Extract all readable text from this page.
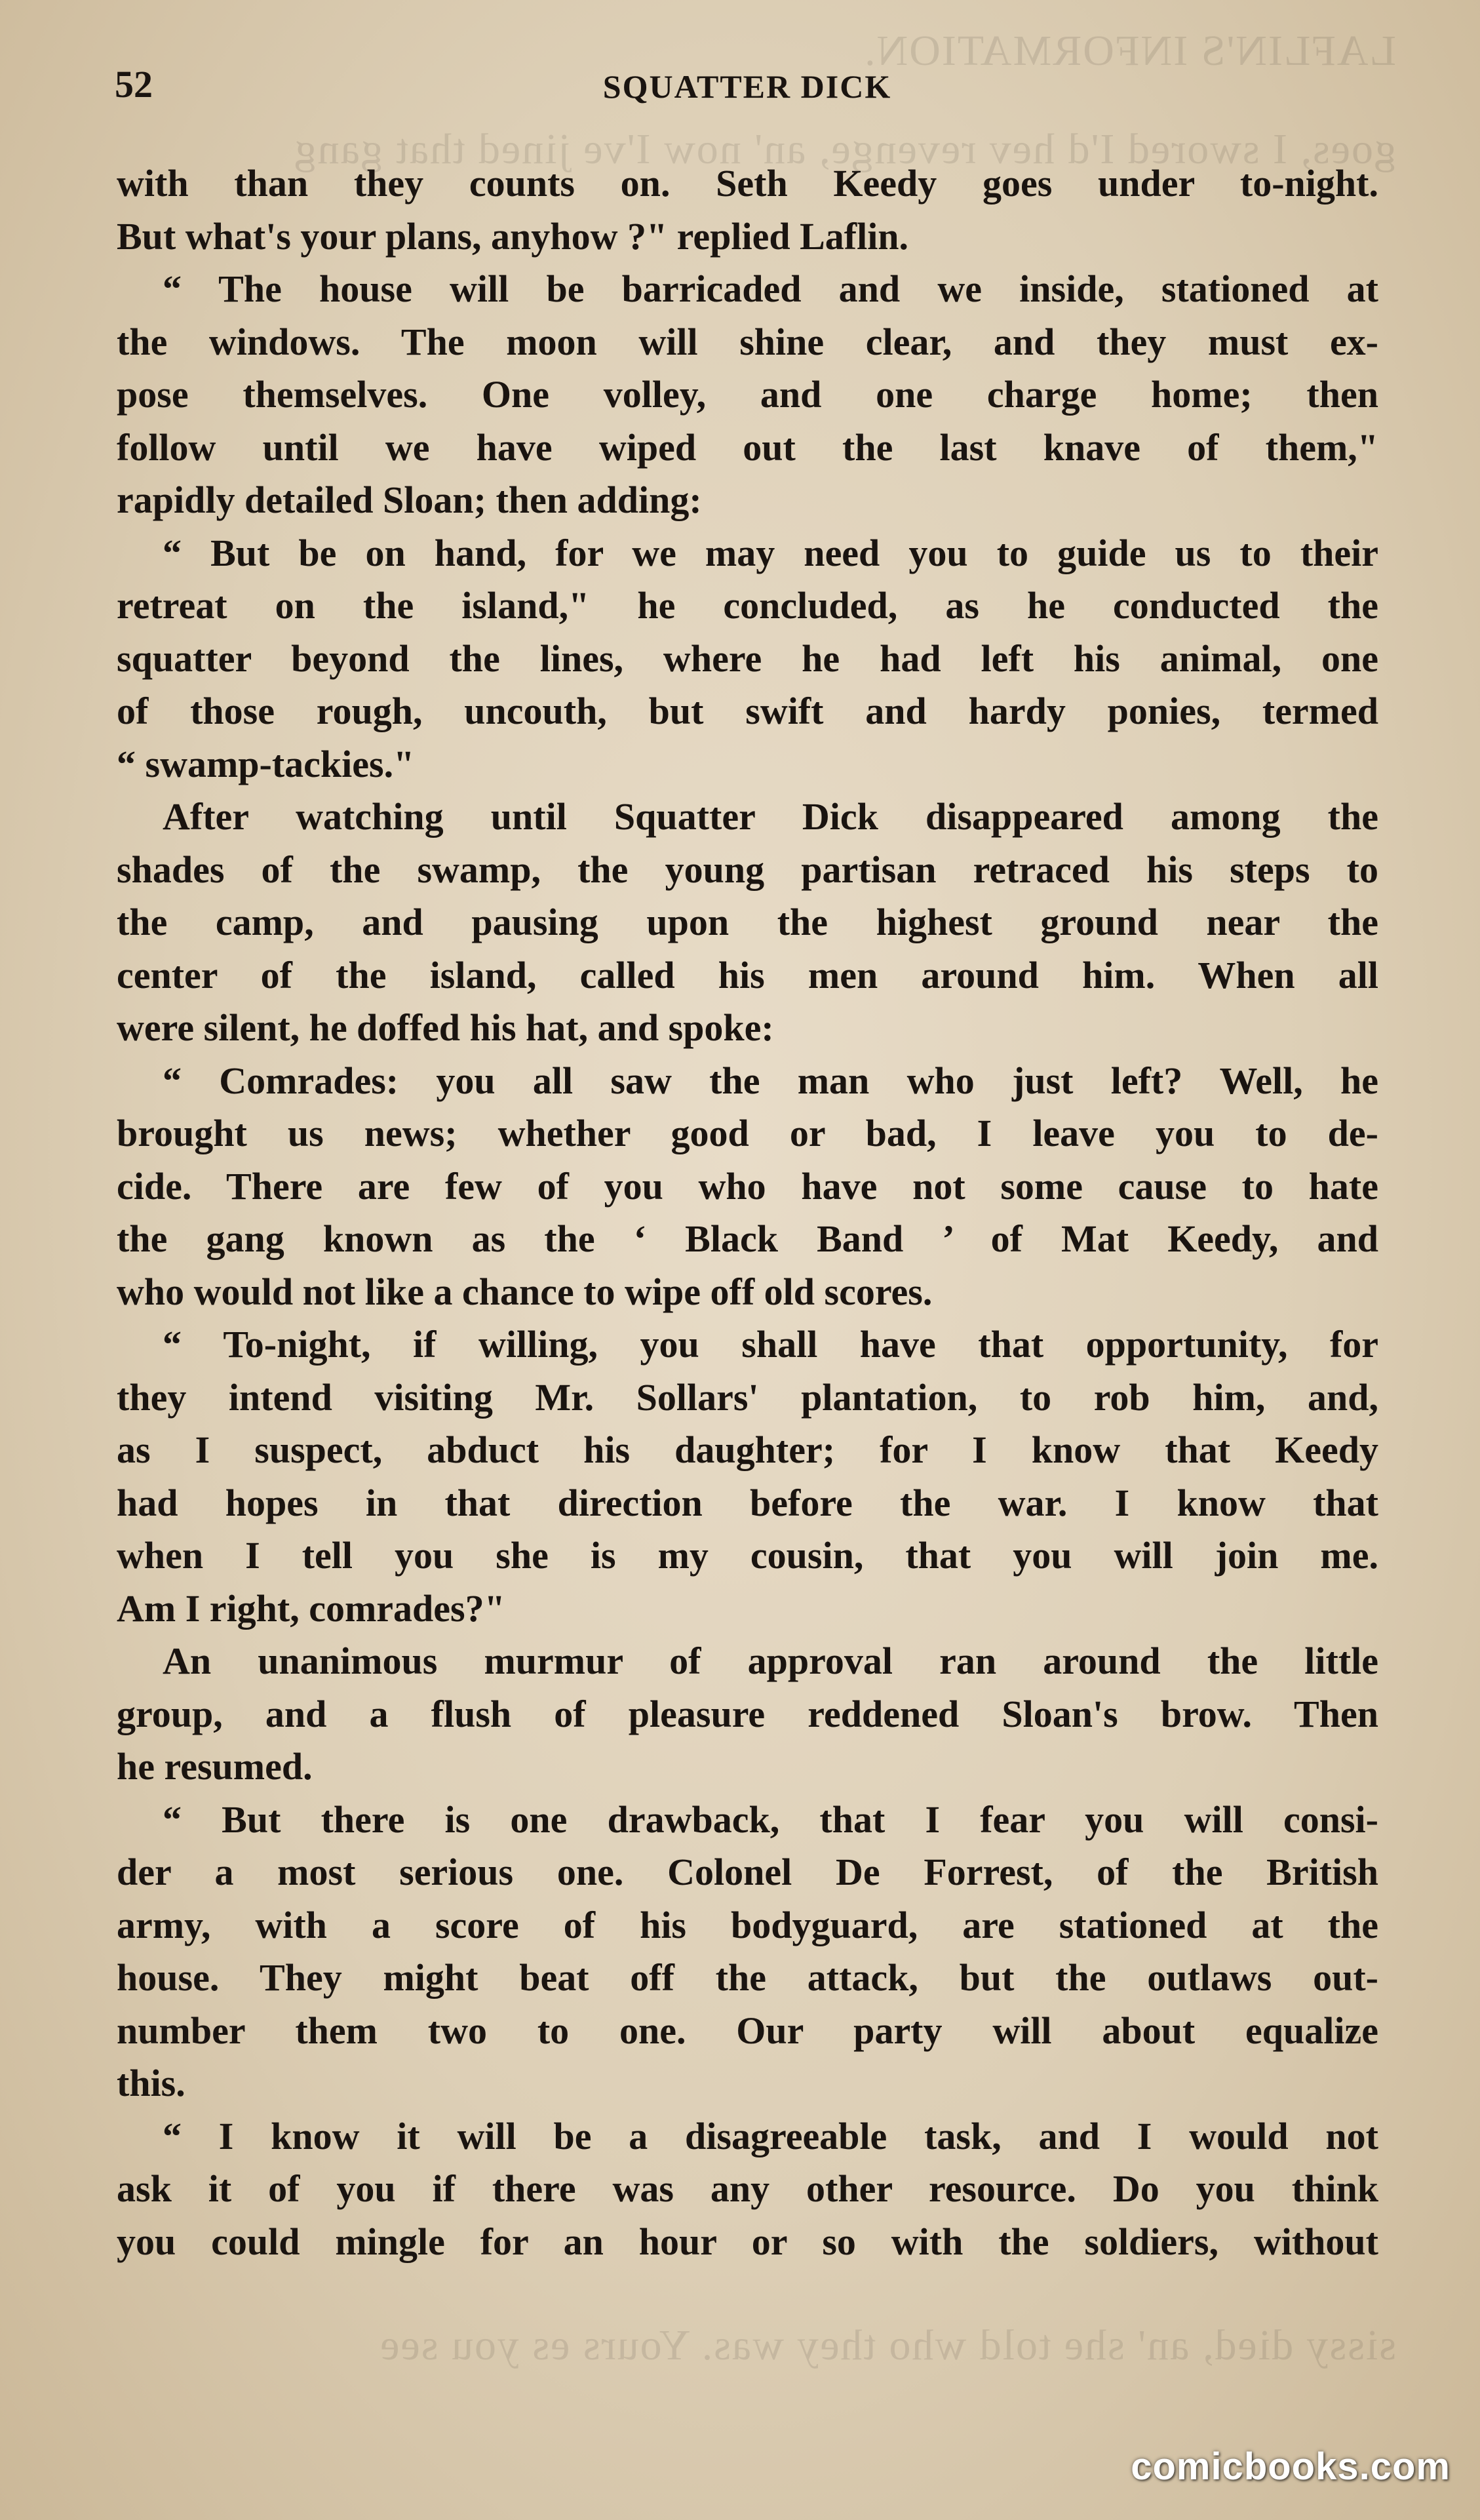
LAFLIN'S INFORMATION.
goes, I swored I'd hev revenge, an' now I've jined that gang
sissy died, an' she told who they was. Yours es you see
52	SQUATTER DICK
with than they counts on. Seth Keedy goes under to-night.
But what's your plans, anyhow ?" replied Laflin.
“ The house will be barricaded and we inside, stationed at
the windows. The moon will shine clear, and they must ex-
pose themselves. One volley, and one charge home; then
follow until we have wiped out the last knave of them,"
rapidly detailed Sloan; then adding:
“ But be on hand, for we may need you to guide us to their
retreat on the island," he concluded, as he conducted the
squatter beyond the lines, where he had left his animal, one
of those rough, uncouth, but swift and hardy ponies, termed
“ swamp-tackies."
After watching until Squatter Dick disappeared among the
shades of the swamp, the young partisan retraced his steps to
the camp, and pausing upon the highest ground near the
center of the island, called his men around him. When all
were silent, he doffed his hat, and spoke:
“ Comrades: you all saw the man who just left? Well, he
brought us news; whether good or bad, I leave you to de-
cide. There are few of you who have not some cause to hate
the gang known as the ‘ Black Band ’ of Mat Keedy, and
who would not like a chance to wipe off old scores.
“ To-night, if willing, you shall have that opportunity, for
they intend visiting Mr. Sollars' plantation, to rob him, and,
as I suspect, abduct his daughter; for I know that Keedy
had hopes in that direction before the war. I know that
when I tell you she is my cousin, that you will join me.
Am I right, comrades?"
An unanimous murmur of approval ran around the little
group, and a flush of pleasure reddened Sloan's brow. Then
he resumed.
“ But there is one drawback, that I fear you will consi-
der a most serious one. Colonel De Forrest, of the British
army, with a score of his bodyguard, are stationed at the
house. They might beat off the attack, but the outlaws out-
number them two to one. Our party will about equalize
this.
“ I know it will be a disagreeable task, and I would not
ask it of you if there was any other resource. Do you think
you could mingle for an hour or so with the soldiers, without
comicbooks.com
